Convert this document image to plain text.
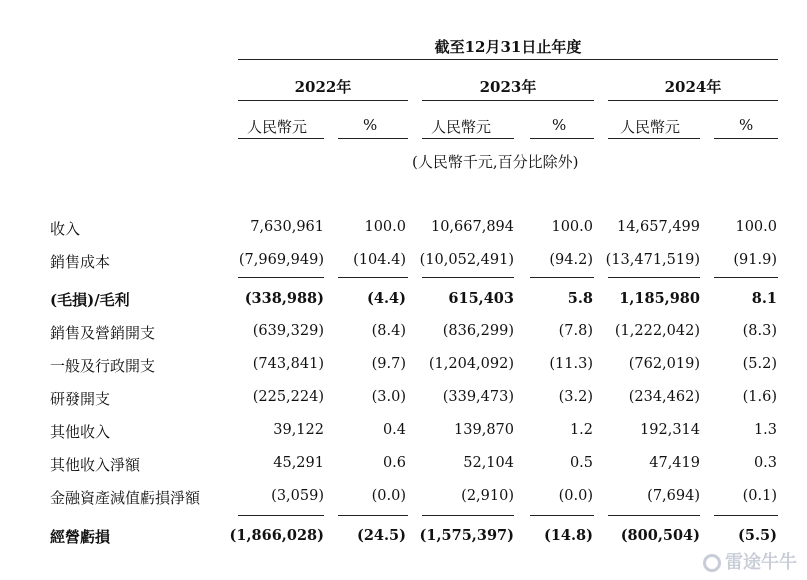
截至12月31日止年度
2022年	2023年	2024年
人民幣元	%	人民幣元	%	人民幣元	%
(人民幣千元,百分比除外)
收入	7,630,961	100.0 10,667,894	100.0 14,657,499 100.0
銷售成本	(7,969,949) (104.4) (10,052,491) (94.2) (13,471,519) (91.9)
(毛損)/毛利	(338,988)	(4.4)	615,403	5.8 1,185,980	8.1
銷售及營銷開支	(639,329)	(8.4)	(836,299)	(7.8) (1,222,042)	(8.3)
一般及行政開支	(743,841)	(9.7) (1,204,092) (11.3) (762,019)	(5.2)
研發開支	(225,224)	(3.0)	(339,473)	(3.2) (234,462)	(1.6)
其他收入	39,122	0.4	139,870	1.2	192,314	1.3
其他收入淨額	45,291	0.6	52,104	0.5	47,419	0.3
金融資產減值虧損淨額	(3,059)	(0.0)	(2,910)	(0.0)	(7,694)	(0.1)
經營虧損	(1,866,028) (24.5) (1,575,397) (14.8) (800,504)	(5.5)
雷途牛牛
